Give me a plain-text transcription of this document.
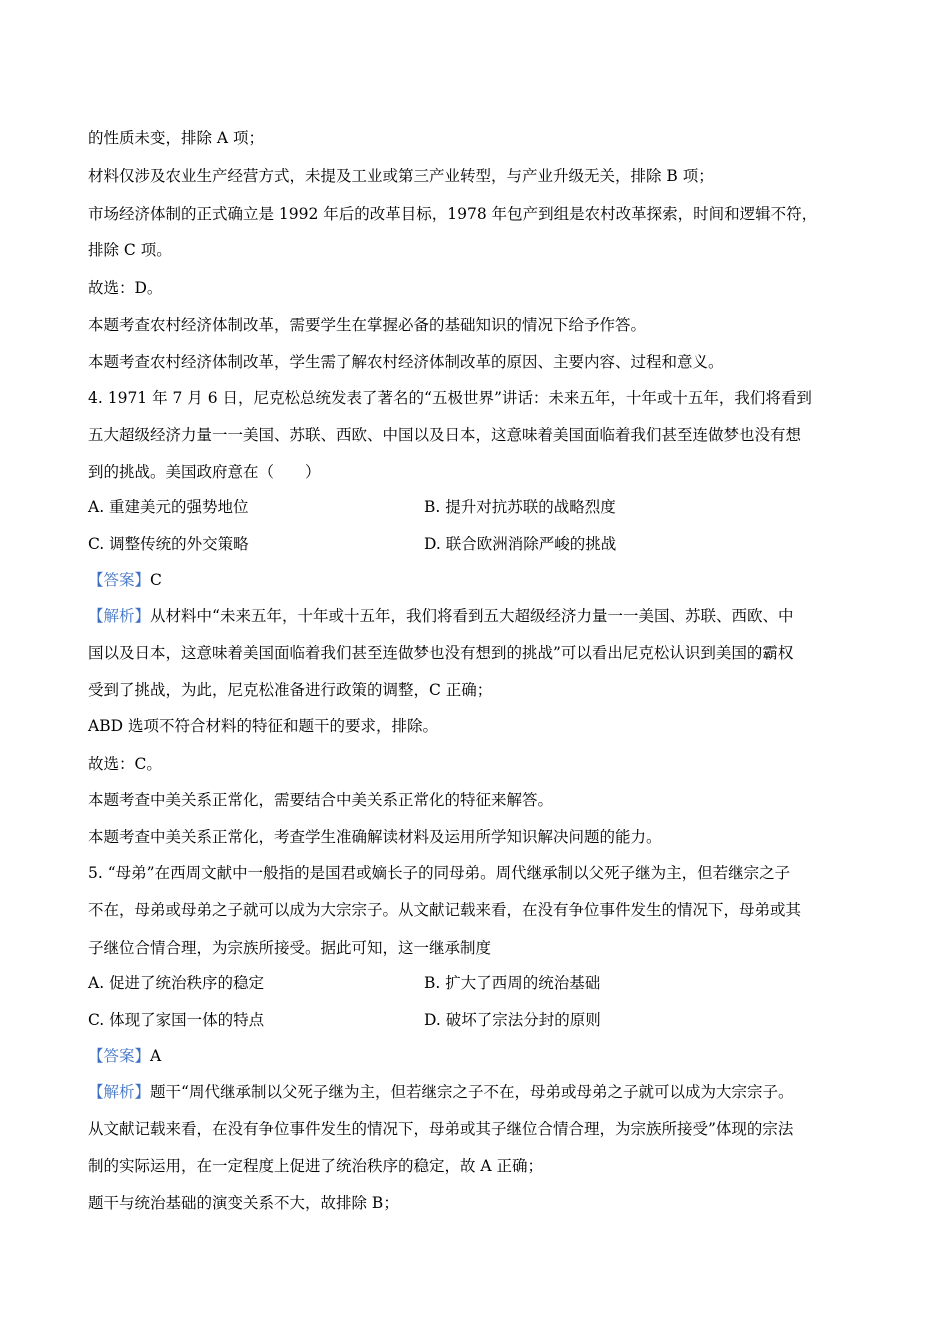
的性质未变，排除 A 项；
材料仅涉及农业生产经营方式，未提及工业或第三产业转型，与产业升级无关，排除 B 项；
市场经济体制的正式确立是 1992 年后的改革目标，1978 年包产到组是农村改革探索，时间和逻辑不符，
排除 C 项。
故选：D。
本题考查农村经济体制改革，需要学生在掌握必备的基础知识的情况下给予作答。
本题考查农村经济体制改革，学生需了解农村经济体制改革的原因、主要内容、过程和意义。
4. 1971 年 7 月 6 日，尼克松总统发表了著名的“五极世界”讲话：未来五年，十年或十五年，我们将看到
五大超级经济力量一一美国、苏联、西欧、中国以及日本，这意味着美国面临着我们甚至连做梦也没有想
到的挑战。美国政府意在（　　）
A. 重建美元的强势地位	B. 提升对抗苏联的战略烈度
C. 调整传统的外交策略	D. 联合欧洲消除严峻的挑战
【答案】C
【解析】从材料中“未来五年，十年或十五年，我们将看到五大超级经济力量一一美国、苏联、西欧、中
国以及日本，这意味着美国面临着我们甚至连做梦也没有想到的挑战”可以看出尼克松认识到美国的霸权
受到了挑战，为此，尼克松准备进行政策的调整，C 正确；
ABD 选项不符合材料的特征和题干的要求，排除。
故选：C。
本题考查中美关系正常化，需要结合中美关系正常化的特征来解答。
本题考查中美关系正常化，考查学生准确解读材料及运用所学知识解决问题的能力。
5. “母弟”在西周文献中一般指的是国君或嫡长子的同母弟。周代继承制以父死子继为主，但若继宗之子
不在，母弟或母弟之子就可以成为大宗宗子。从文献记载来看，在没有争位事件发生的情况下，母弟或其
子继位合情合理，为宗族所接受。据此可知，这一继承制度
A. 促进了统治秩序的稳定	B. 扩大了西周的统治基础
C. 体现了家国一体的特点	D. 破坏了宗法分封的原则
【答案】A
【解析】题干“周代继承制以父死子继为主，但若继宗之子不在，母弟或母弟之子就可以成为大宗宗子。
从文献记载来看，在没有争位事件发生的情况下，母弟或其子继位合情合理，为宗族所接受”体现的宗法
制的实际运用，在一定程度上促进了统治秩序的稳定，故 A 正确；
题干与统治基础的演变关系不大，故排除 B；
